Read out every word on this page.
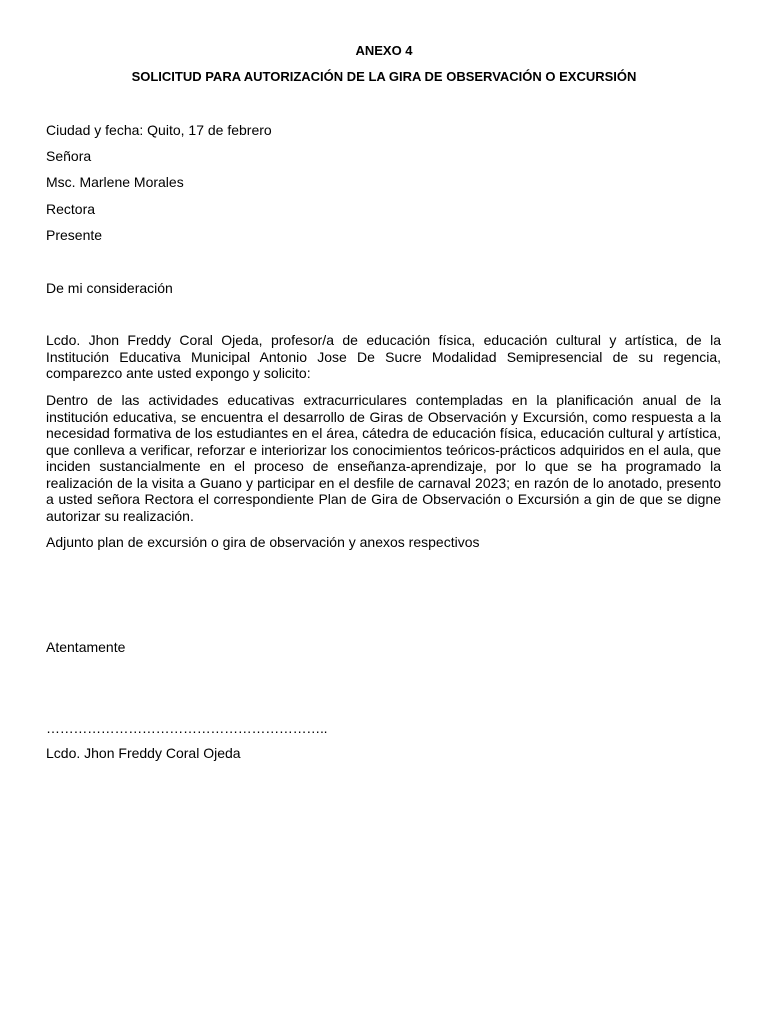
ANEXO 4

SOLICITUD PARA AUTORIZACIÓN DE LA GIRA DE OBSERVACIÓN O EXCURSIÓN

Ciudad y fecha: Quito, 17 de febrero

Señora

Msc. Marlene Morales

Rectora

Presente

De mi consideración

Lcdo. Jhon Freddy Coral Ojeda, profesor/a de educación física, educación cultural y artística, de la Institución Educativa Municipal Antonio Jose De Sucre Modalidad Semipresencial de su regencia, comparezco ante usted expongo y solicito:

Dentro de las actividades educativas extracurriculares contempladas en la planificación anual de la institución educativa, se encuentra el desarrollo de Giras de Observación y Excursión, como respuesta a la necesidad formativa de los estudiantes en el área, cátedra de educación física, educación cultural y artística, que conlleva a verificar, reforzar e interiorizar los conocimientos teóricos-prácticos adquiridos en el aula, que inciden sustancialmente en el proceso de enseñanza-aprendizaje, por lo que se ha programado la realización de la visita a Guano y participar en el desfile de carnaval 2023; en razón de lo anotado, presento a usted señora Rectora el correspondiente Plan de Gira de Observación o Excursión a gin de que se digne autorizar su realización.

Adjunto plan de excursión o gira de observación y anexos respectivos

Atentamente

……………………………………………………..

Lcdo. Jhon Freddy Coral Ojeda
